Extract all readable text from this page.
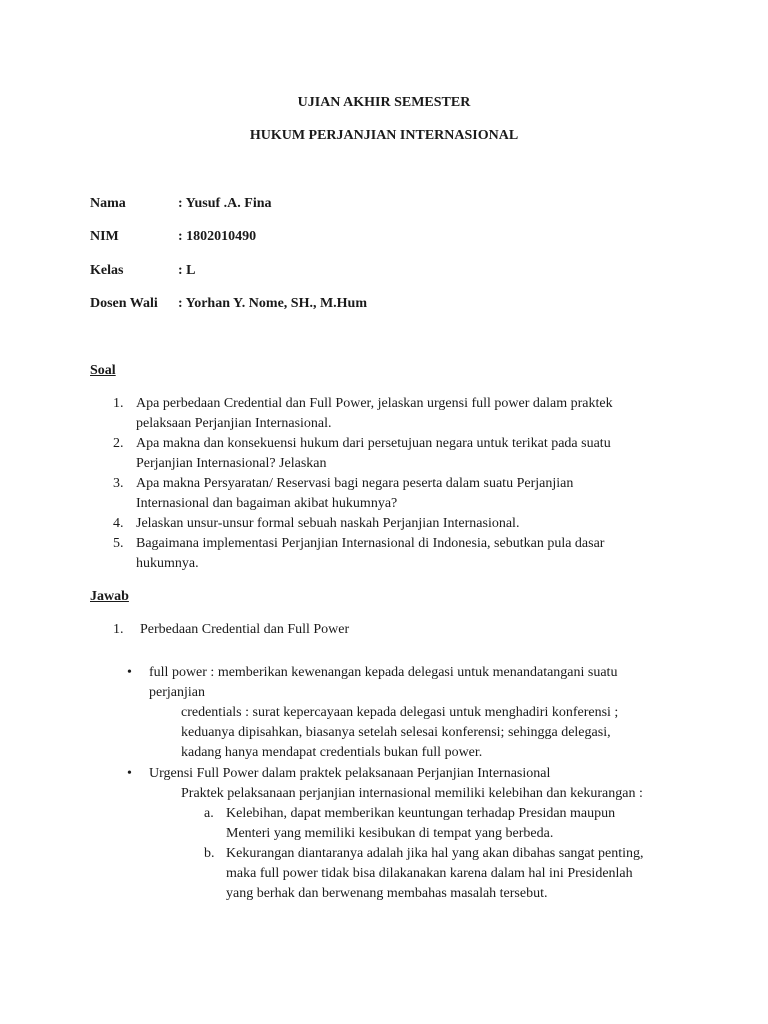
UJIAN AKHIR SEMESTER
HUKUM PERJANJIAN INTERNASIONAL
Nama	: Yusuf .A. Fina
NIM	: 1802010490
Kelas	: L
Dosen Wali : Yorhan Y. Nome, SH., M.Hum
Soal
1. Apa perbedaan Credential dan Full Power, jelaskan urgensi full power dalam praktek
pelaksaan Perjanjian Internasional.
2. Apa makna dan konsekuensi hukum dari persetujuan negara untuk terikat pada suatu
Perjanjian Internasional? Jelaskan
3. Apa makna Persyaratan/ Reservasi bagi negara peserta dalam suatu Perjanjian
Internasional dan bagaiman akibat hukumnya?
4. Jelaskan unsur-unsur formal sebuah naskah Perjanjian Internasional.
5. Bagaimana implementasi Perjanjian Internasional di Indonesia, sebutkan pula dasar
hukumnya.
Jawab
1. Perbedaan Credential dan Full Power
• full power : memberikan kewenangan kepada delegasi untuk menandatangani suatu
perjanjian
credentials : surat kepercayaan kepada delegasi untuk menghadiri konferensi ;
keduanya dipisahkan, biasanya setelah selesai konferensi; sehingga delegasi,
kadang hanya mendapat credentials bukan full power.
• Urgensi Full Power dalam praktek pelaksanaan Perjanjian Internasional
Praktek pelaksanaan perjanjian internasional memiliki kelebihan dan kekurangan :
a. Kelebihan, dapat memberikan keuntungan terhadap Presidan maupun
Menteri yang memiliki kesibukan di tempat yang berbeda.
b. Kekurangan diantaranya adalah jika hal yang akan dibahas sangat penting,
maka full power tidak bisa dilakanakan karena dalam hal ini Presidenlah
yang berhak dan berwenang membahas masalah tersebut.
